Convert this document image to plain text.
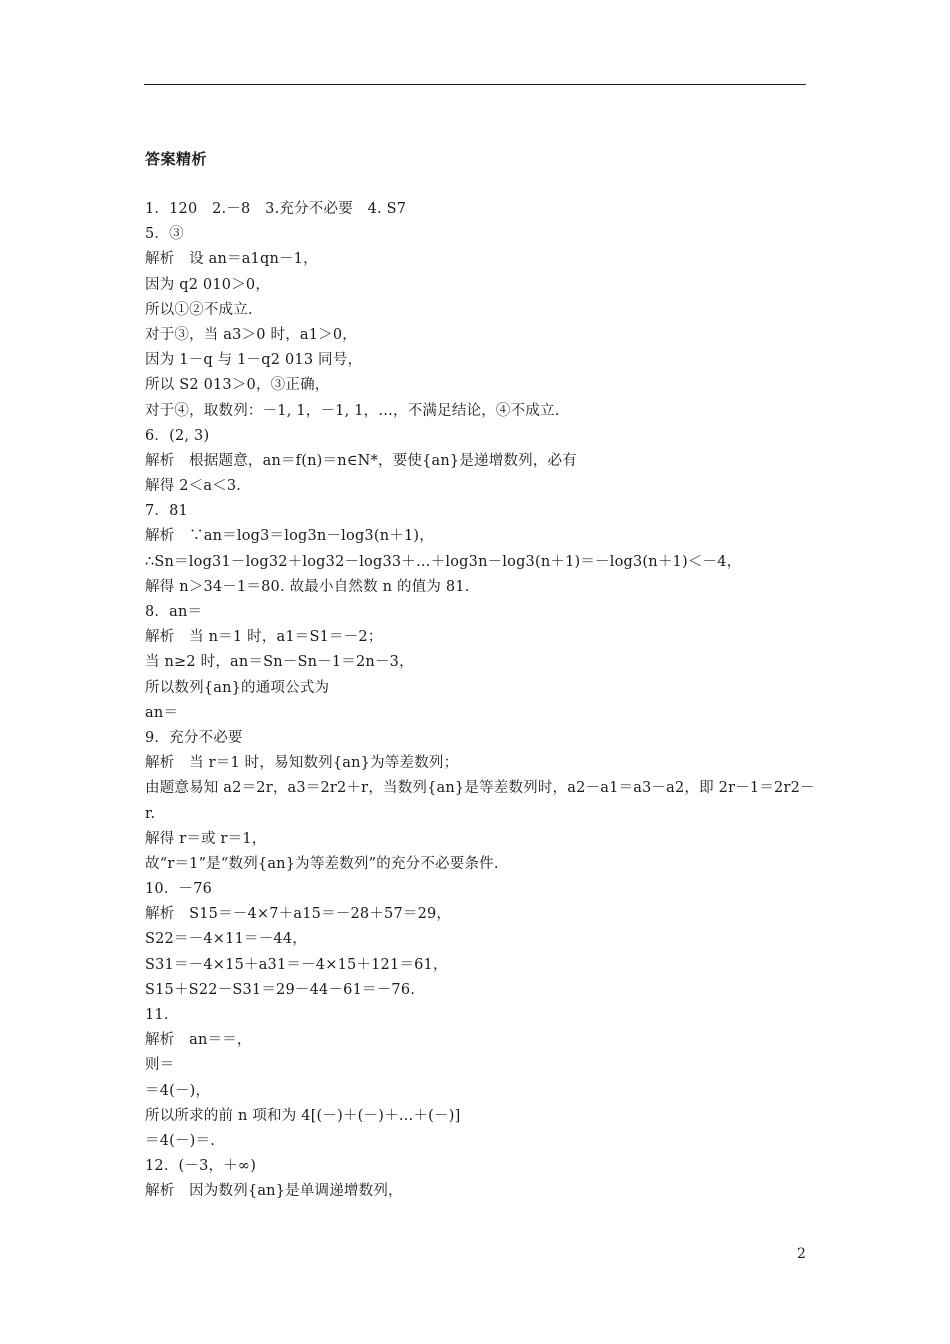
答案精析
1．120　2.－8　3.充分不必要　4. S7
5．③
解析　设 an＝a1qn－1，
因为 q2 010＞0，
所以①②不成立.
对于③，当 a3＞0 时，a1＞0，
因为 1－q 与 1－q2 013 同号，
所以 S2 013＞0，③正确，
对于④，取数列：－1, 1，－1, 1，…，不满足结论，④不成立.
6．(2, 3)
解析　根据题意，an＝f(n)＝n∈N*，要使{an}是递增数列，必有
解得 2＜a＜3.
7．81
解析　∵an＝log3＝log3n－log3(n＋1)，
∴Sn＝log31－log32＋log32－log33＋…＋log3n－log3(n＋1)＝－log3(n＋1)＜－4，
解得 n＞34－1＝80. 故最小自然数 n 的值为 81.
8．an＝
解析　当 n＝1 时，a1＝S1＝－2；
当 n≥2 时，an＝Sn－Sn－1＝2n－3，
所以数列{an}的通项公式为
an＝
9．充分不必要
解析　当 r＝1 时，易知数列{an}为等差数列；
由题意易知 a2＝2r，a3＝2r2＋r，当数列{an}是等差数列时，a2－a1＝a3－a2，即 2r－1＝2r2－
r.
解得 r＝或 r＝1，
故“r＝1”是“数列{an}为等差数列”的充分不必要条件.
10．－76
解析　S15＝－4×7＋a15＝－28＋57＝29，
S22＝－4×11＝－44，
S31＝－4×15＋a31＝－4×15＋121＝61，
S15＋S22－S31＝29－44－61＝－76.
11.
解析　an＝＝，
则＝
＝4(－)，
所以所求的前 n 项和为 4[(－)＋(－)＋…＋(－)]
＝4(－)＝.
12．(－3，＋∞)
解析　因为数列{an}是单调递增数列，
2
